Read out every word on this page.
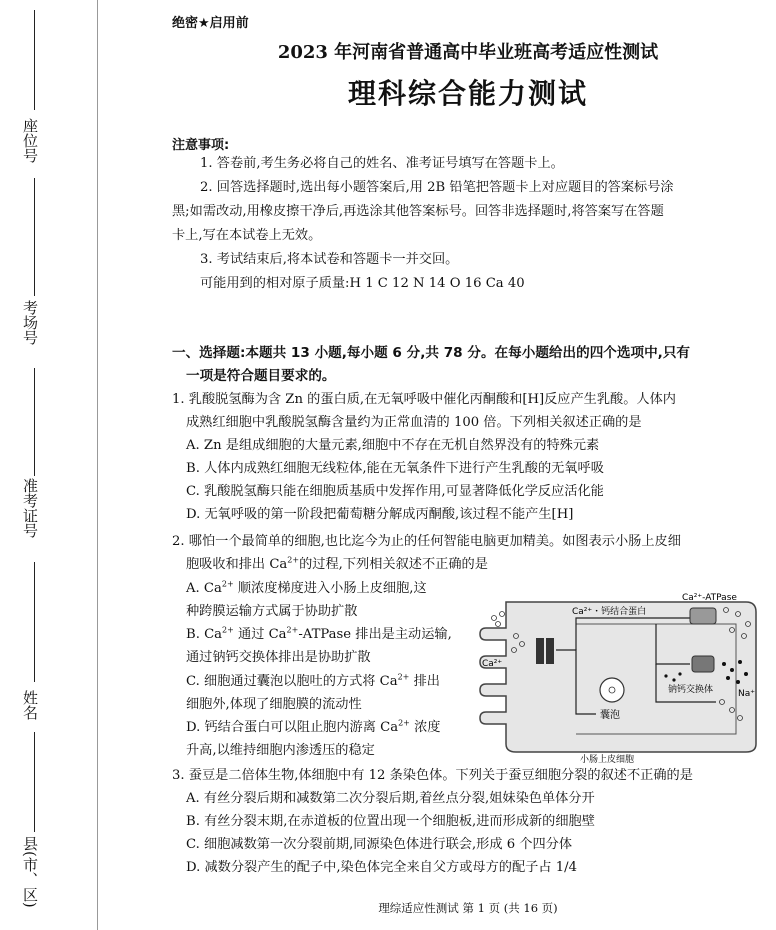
座位号
考场号
准考证号
姓名
县(市、区)
绝密★启用前
2023 年河南省普通高中毕业班高考适应性测试
理科综合能力测试
注意事项:
1. 答卷前,考生务必将自己的姓名、准考证号填写在答题卡上。
2. 回答选择题时,选出每小题答案后,用 2B 铅笔把答题卡上对应题目的答案标号涂
黑;如需改动,用橡皮擦干净后,再选涂其他答案标号。回答非选择题时,将答案写在答题
卡上,写在本试卷上无效。
3. 考试结束后,将本试卷和答题卡一并交回。
可能用到的相对原子质量:H 1 C 12 N 14 O 16 Ca 40
一、选择题:本题共 13 小题,每小题 6 分,共 78 分。在每小题给出的四个选项中,只有
一项是符合题目要求的。
1. 乳酸脱氢酶为含 Zn 的蛋白质,在无氧呼吸中催化丙酮酸和[H]反应产生乳酸。人体内
成熟红细胞中乳酸脱氢酶含量约为正常血清的 100 倍。下列相关叙述正确的是
A. Zn 是组成细胞的大量元素,细胞中不存在无机自然界没有的特殊元素
B. 人体内成熟红细胞无线粒体,能在无氧条件下进行产生乳酸的无氧呼吸
C. 乳酸脱氢酶只能在细胞质基质中发挥作用,可显著降低化学反应活化能
D. 无氧呼吸的第一阶段把葡萄糖分解成丙酮酸,该过程不能产生[H]
2. 哪怕一个最简单的细胞,也比迄今为止的任何智能电脑更加精美。如图表示小肠上皮细
胞吸收和排出 $Ca^{2+}$的过程,下列相关叙述不正确的是
A. $Ca^{2+}$ 顺浓度梯度进入小肠上皮细胞,这
种跨膜运输方式属于协助扩散
B. $Ca^{2+}$ 通过 $Ca^{2+}$-ATPase 排出是主动运输,
通过钠钙交换体排出是协助扩散
C. 细胞通过囊泡以胞吐的方式将 $Ca^{2+}$ 排出
细胞外,体现了细胞膜的流动性
D. 钙结合蛋白可以阻止胞内游离 $Ca^{2+}$ 浓度
升高,以维持细胞内渗透压的稳定
Ca²⁺・钙结合蛋白
Ca²⁺-ATPase
Ca²⁺
钠钙交换体	Na⁺
囊泡
小肠上皮细胞
3. 蚕豆是二倍体生物,体细胞中有 12 条染色体。下列关于蚕豆细胞分裂的叙述不正确的是
A. 有丝分裂后期和减数第二次分裂后期,着丝点分裂,姐妹染色单体分开
B. 有丝分裂末期,在赤道板的位置出现一个细胞板,进而形成新的细胞壁
C. 细胞减数第一次分裂前期,同源染色体进行联会,形成 6 个四分体
D. 减数分裂产生的配子中,染色体完全来自父方或母方的配子占 1/4
理综适应性测试 第 1 页 (共 16 页)
